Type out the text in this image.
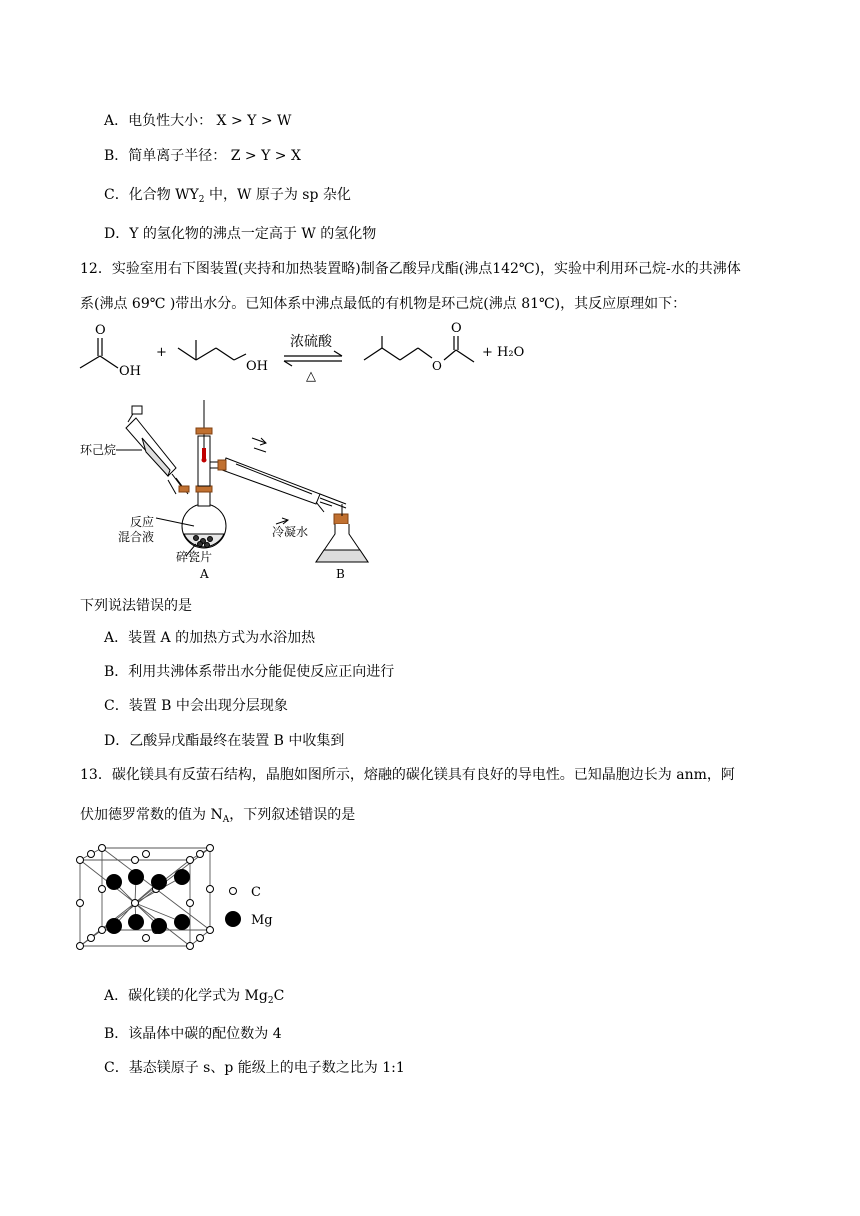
A．电负性大小： X > Y > W
B．简单离子半径： Z > Y > X
C．化合物 $WY_2$ 中，W 原子为 sp 杂化
D．Y 的氢化物的沸点一定高于 W 的氢化物
12．实验室用右下图装置(夹持和加热装置略)制备乙酸异戊酯(沸点142℃)，实验中利用环己烷-水的共沸体
系(沸点 69℃ )带出水分。已知体系中沸点最低的有机物是环己烷(沸点 81℃)，其反应原理如下：
O
OH
+
OH
浓硫酸
△
O
O
+ H₂O
环己烷
反应
混合液
碎瓷片
冷凝水
A	B
下列说法错误的是
A．装置 A 的加热方式为水浴加热
B．利用共沸体系带出水分能促使反应正向进行
C．装置 B 中会出现分层现象
D．乙酸异戊酯最终在装置 B 中收集到
13．碳化镁具有反萤石结构，晶胞如图所示，熔融的碳化镁具有良好的导电性。已知晶胞边长为 anm，阿
伏加德罗常数的值为 $N_A$，下列叙述错误的是
C
Mg
A．碳化镁的化学式为 $Mg_2C$
B．该晶体中碳的配位数为 4
C．基态镁原子 s、p 能级上的电子数之比为 1:1
